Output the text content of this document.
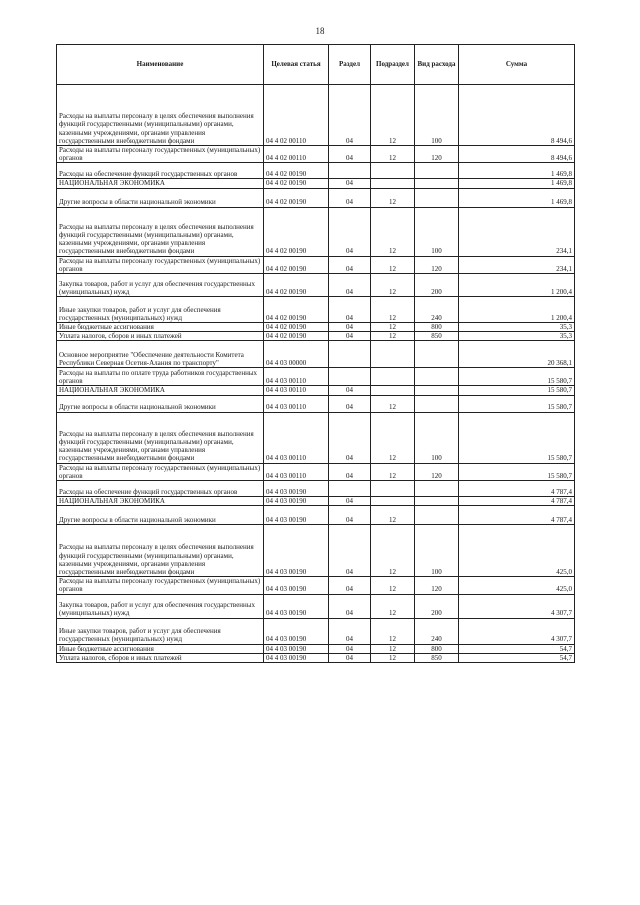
18
Наименование	Целевая статья	Раздел	Подраздел	Вид расхода	Сумма
Расходы на выплаты персоналу в целях обеспечения выполнения функций государственными (муниципальными) органами, казенными учреждениями, органами управления государственными внебюджетными фондами	04 4 02 00110	04	12	100	8 494,6
Расходы на выплаты персоналу государственных (муниципальных) органов	04 4 02 00110	04	12	120	8 494,6
Расходы на обеспечение функций государственных органов	04 4 02 00190				1 469,8
НАЦИОНАЛЬНАЯ ЭКОНОМИКА	04 4 02 00190	04			1 469,8
Другие вопросы в области национальной экономики	04 4 02 00190	04	12		1 469,8
Расходы на выплаты персоналу в целях обеспечения выполнения функций государственными (муниципальными) органами, казенными учреждениями, органами управления государственными внебюджетными фондами	04 4 02 00190	04	12	100	234,1
Расходы на выплаты персоналу государственных (муниципальных) органов	04 4 02 00190	04	12	120	234,1
Закупка товаров, работ и услуг для обеспечения государственных (муниципальных) нужд	04 4 02 00190	04	12	200	1 200,4
Иные закупки товаров, работ и услуг для обеспечения государственных (муниципальных) нужд	04 4 02 00190	04	12	240	1 200,4
Иные бюджетные ассигнования	04 4 02 00190	04	12	800	35,3
Уплата налогов, сборов и иных платежей	04 4 02 00190	04	12	850	35,3
Основное мероприятие "Обеспечение деятельности Комитета Республики Северная Осетия-Алания по транспорту"	04 4 03 00000				20 368,1
Расходы на выплаты по оплате труда работников государственных органов	04 4 03 00110				15 580,7
НАЦИОНАЛЬНАЯ ЭКОНОМИКА	04 4 03 00110	04			15 580,7
Другие вопросы в области национальной экономики	04 4 03 00110	04	12		15 580,7
Расходы на выплаты персоналу в целях обеспечения выполнения функций государственными (муниципальными) органами, казенными учреждениями, органами управления государственными внебюджетными фондами	04 4 03 00110	04	12	100	15 580,7
Расходы на выплаты персоналу государственных (муниципальных) органов	04 4 03 00110	04	12	120	15 580,7
Расходы на обеспечение функций государственных органов	04 4 03 00190				4 787,4
НАЦИОНАЛЬНАЯ ЭКОНОМИКА	04 4 03 00190	04			4 787,4
Другие вопросы в области национальной экономики	04 4 03 00190	04	12		4 787,4
Расходы на выплаты персоналу в целях обеспечения выполнения функций государственными (муниципальными) органами, казенными учреждениями, органами управления государственными внебюджетными фондами	04 4 03 00190	04	12	100	425,0
Расходы на выплаты персоналу государственных (муниципальных) органов	04 4 03 00190	04	12	120	425,0
Закупка товаров, работ и услуг для обеспечения государственных (муниципальных) нужд	04 4 03 00190	04	12	200	4 307,7
Иные закупки товаров, работ и услуг для обеспечения государственных (муниципальных) нужд	04 4 03 00190	04	12	240	4 307,7
Иные бюджетные ассигнования	04 4 03 00190	04	12	800	54,7
Уплата налогов, сборов и иных платежей	04 4 03 00190	04	12	850	54,7
